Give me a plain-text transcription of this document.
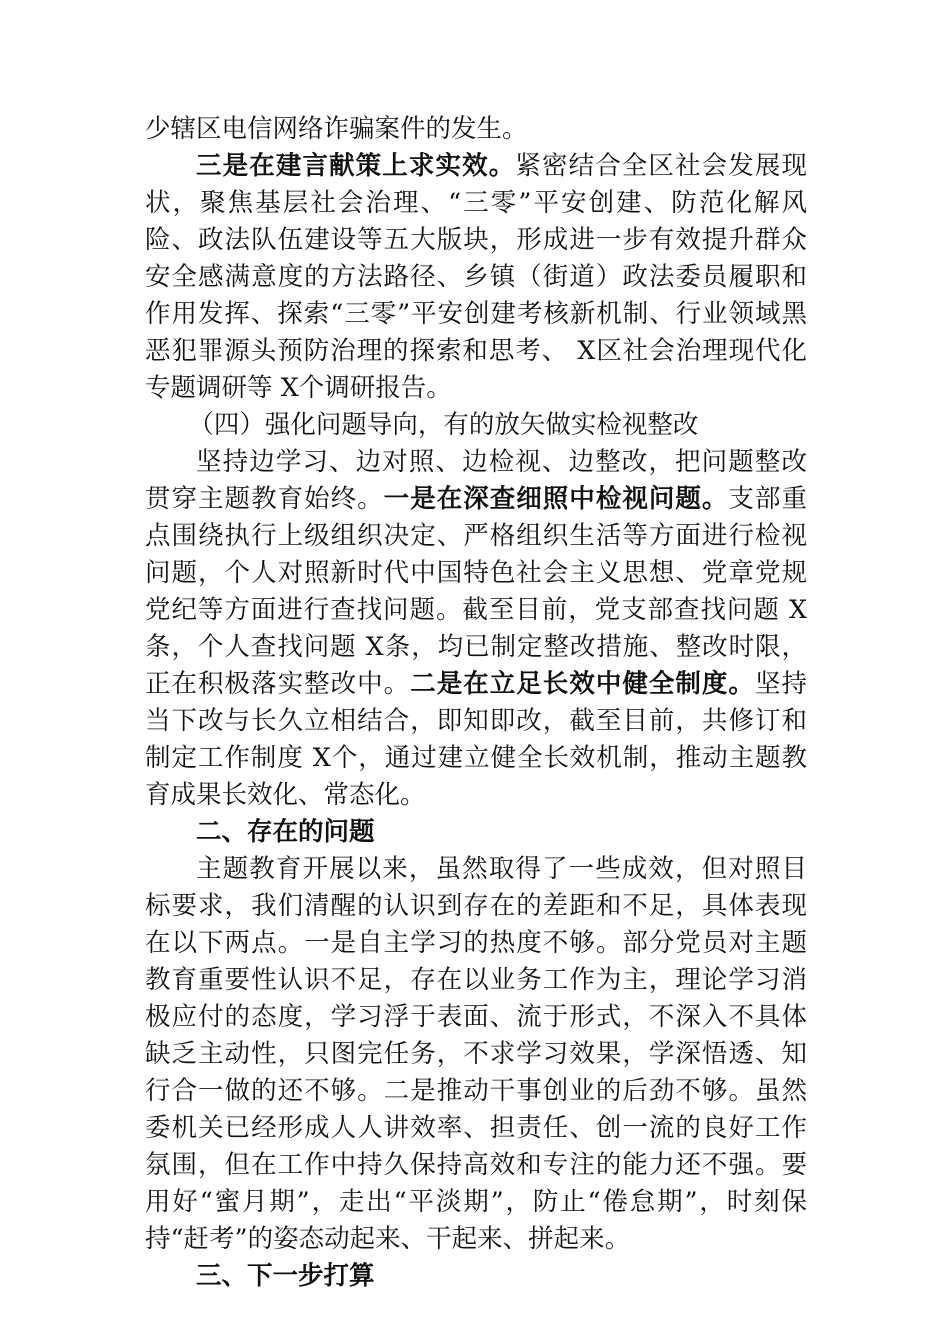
少辖区电信网络诈骗案件的发生。

三是在建言献策上求实效。紧密结合全区社会发展现状，聚焦基层社会治理、“三零”平安创建、防范化解风险、政法队伍建设等五大版块，形成进一步有效提升群众安全感满意度的方法路径、乡镇（街道）政法委员履职和作用发挥、探索“三零”平安创建考核新机制、行业领域黑恶犯罪源头预防治理的探索和思考、 X区社会治理现代化专题调研等 X个调研报告。

（四）强化问题导向，有的放矢做实检视整改

坚持边学习、边对照、边检视、边整改，把问题整改贯穿主题教育始终。一是在深查细照中检视问题。支部重点围绕执行上级组织决定、严格组织生活等方面进行检视问题，个人对照新时代中国特色社会主义思想、党章党规党纪等方面进行查找问题。截至目前，党支部查找问题 X条，个人查找问题 X条，均已制定整改措施、整改时限，正在积极落实整改中。二是在立足长效中健全制度。坚持当下改与长久立相结合，即知即改，截至目前，共修订和制定工作制度 X个，通过建立健全长效机制，推动主题教育成果长效化、常态化。

二、存在的问题

主题教育开展以来，虽然取得了一些成效，但对照目标要求，我们清醒的认识到存在的差距和不足，具体表现在以下两点。一是自主学习的热度不够。部分党员对主题教育重要性认识不足，存在以业务工作为主，理论学习消极应付的态度，学习浮于表面、流于形式，不深入不具体缺乏主动性，只图完任务，不求学习效果，学深悟透、知行合一做的还不够。二是推动干事创业的后劲不够。虽然委机关已经形成人人讲效率、担责任、创一流的良好工作氛围，但在工作中持久保持高效和专注的能力还不强。要用好“蜜月期”，走出“平淡期”，防止“倦怠期”，时刻保持“赶考”的姿态动起来、干起来、拼起来。

三、下一步打算
